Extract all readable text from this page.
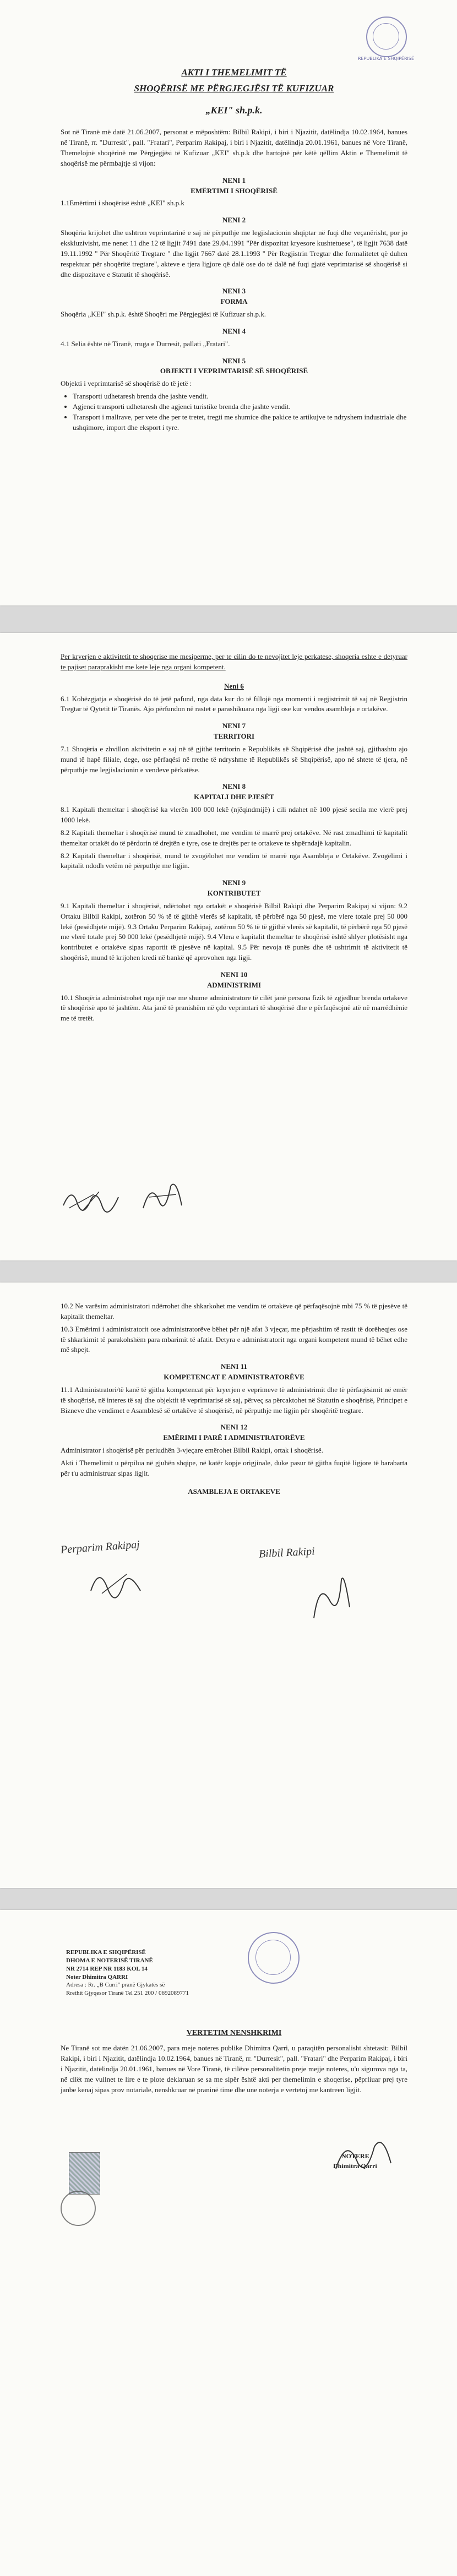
REPUBLIKA E SHQIPËRISË
AKTI I THEMELIMIT TË
SHOQËRISË ME PËRGJEGJËSI TË KUFIZUAR
„KEI" sh.p.k.

Sot në Tiranë më datë 21.06.2007, personat e mëposhtëm: Bilbil Rakipi, i biri i Njazitit, datëlindja 10.02.1964, banues në Tiranë, rr. "Durresit", pall. "Fratari", Perparim Rakipaj, i biri i Njazitit, datëlindja 20.01.1961, banues në Vore Tiranë, Themelojnë shoqërinë me Përgjegjësi të Kufizuar „KEI" sh.p.k dhe hartojnë për këtë qëllim Aktin e Themelimit të shoqërisë me përmbajtje si vijon:

NENI 1
EMËRTIMI I SHOQËRISË

1.1Emërtimi i shoqërisë është „KEI" sh.p.k

NENI 2

Shoqëria krijohet dhe ushtron veprimtarinë e saj në përputhje me legjislacionin shqiptar në fuqi dhe veçanërisht, por jo ekskluzivisht, me nenet 11 dhe 12 të ligjit 7491 date 29.04.1991 "Për dispozitat kryesore kushtetuese", të ligjit 7638 datë 19.11.1992 " Për Shoqëritë Tregtare " dhe ligjit 7667 datë 28.1.1993 " Për Regjistrin Tregtar dhe formalitetet që duhen respektuar për shoqëritë tregtare", akteve e tjera ligjore që dalë ose do të dalë në fuqi gjatë veprimtarisë së shoqërisë si dhe dispozitave e Statutit të shoqërisë.

NENI 3
FORMA

Shoqëria „KEI" sh.p.k. është Shoqëri me Përgjegjësi të Kufizuar sh.p.k.

NENI 4

4.1 Selia është në Tiranë, rruga e Durresit, pallati „Fratari".

NENI 5
OBJEKTI I VEPRIMTARISË SË SHOQËRISË

Objekti i veprimtarisë së shoqërisë do të jetë :

• Transporti udhetaresh brenda dhe jashte vendit.
• Agjenci transporti udhetaresh dhe agjenci turistike brenda dhe jashte vendit.
• Transport i mallrave, per vete dhe per te tretet, tregti me shumice dhe pakice te artikujve te ndryshem industriale dhe ushqimore, import dhe eksport i tyre.

Per kryerjen e aktivitetit te shoqerise me mesiperme, per te cilin do te nevojitet leje perkatese, shoqeria eshte e detyruar te pajiset paraprakisht me kete leje nga organi kompetent.

Neni 6

6.1 Kohëzgjatja e shoqërisë do të jetë pafund, nga data kur do të fillojë nga momenti i regjistrimit të saj në Regjistrin Tregtar të Qytetit të Tiranës. Ajo përfundon në rastet e parashikuara nga ligji ose kur vendos asambleja e ortakëve.

NENI 7
TERRITORI

7.1 Shoqëria e zhvillon aktivitetin e saj në të gjithë territorin e Republikës së Shqipërisë dhe jashtë saj, gjithashtu ajo mund të hapë filiale, dege, ose përfaqësi në rrethe të ndryshme të Republikës së Shqipërisë, apo në shtete të tjera, në përputhje me legjislacionin e vendeve përkatëse.

NENI 8
KAPITALI DHE PJESËT

8.1 Kapitali themeltar i shoqërisë ka vlerën 100 000 lekë (njëqindmijë) i cili ndahet në 100 pjesë secila me vlerë prej 1000 lekë.

8.2 Kapitali themeltar i shoqërisë mund të zmadhohet, me vendim të marrë prej ortakëve. Në rast zmadhimi të kapitalit themeltar ortakët do të përdorin të drejtën e tyre, ose te drejtës per te ortakeve te shpërndajë kapitalin.

8.2 Kapitali themeltar i shoqërisë, mund të zvogëlohet me vendim të marrë nga Asambleja e Ortakëve. Zvogëlimi i kapitalit ndodh vetëm në përputhje me ligjin.

NENI 9
KONTRIBUTET

9.1 Kapitali themeltar i shoqërisë, ndërtohet nga ortakët e shoqërisë Bilbil Rakipi dhe Perparim Rakipaj si vijon: 9.2 Ortaku Bilbil Rakipi, zotëron 50 % të të gjithë vlerës së kapitalit, të përbërë nga 50 pjesë, me vlere totale prej 50 000 lekë (pesëdhjetë mijë). 9.3 Ortaku Perparim Rakipaj, zotëron 50 % të të gjithë vlerës së kapitalit, të përbërë nga 50 pjesë me vlerë totale prej 50 000 lekë (pesëdhjetë mijë). 9.4 Vlera e kapitalit themeltar te shoqërisë është shlyer plotësisht nga kontributet e ortakëve sipas raportit të pjesëve në kapital. 9.5 Për nevoja të punës dhe të ushtrimit të aktivitetit të shoqërisë, mund të krijohen kredi në bankë që aprovohen nga ligji.

NENI 10
ADMINISTRIMI

10.1 Shoqëria administrohet nga një ose me shume administratore të cilët janë persona fizik të zgjedhur brenda ortakeve të shoqërisë apo të jashtëm. Ata janë të pranishëm në çdo veprimtari të shoqërisë dhe e përfaqësojnë atë në marrëdhënie me të tretët.

10.2 Ne varësim administratori ndërrohet dhe shkarkohet me vendim të ortakëve që përfaqësojnë mbi 75 % të pjesëve të kapitalit themeltar.

10.3 Emërimi i administratorit ose administratorëve bëhet për një afat 3 vjeçar, me përjashtim të rastit të dorëheqjes ose të shkarkimit të parakohshëm para mbarimit të afatit. Detyra e administratorit nga organi kompetent mund të bëhet edhe më shpejt.

NENI 11
KOMPETENCAT E ADMINISTRATORËVE

11.1 Administratori/të kanë të gjitha kompetencat për kryerjen e veprimeve të administrimit dhe të përfaqësimit në emër të shoqërisë, në interes të saj dhe objektit të veprimtarisë së saj, përveç sa përcaktohet në Statutin e shoqërisë, Principet e Bizneve dhe vendimet e Asamblesë së ortakëve të shoqërisë, në përputhje me ligjin për shoqëritë tregtare.

NENI 12
EMËRIMI I PARË I ADMINISTRATORËVE

Administrator i shoqërisë për periudhën 3-vjeçare emërohet Bilbil Rakipi, ortak i shoqërisë.

Akti i Themelimit u përpilua në gjuhën shqipe, në katër kopje origjinale, duke pasur të gjitha fuqitë ligjore të barabarta për t'u administruar sipas ligjit.

ASAMBLEJA E ORTAKEVE
Perparim Rakipaj	Bilbil Rakipi
REPUBLIKA E SHQIPËRISË
DHOMA E NOTERISË TIRANË
NR 2714 REP NR 1183 KOL 14
Noter Dhimitra QARRI
Adresa : Rr. „B Curri" pranë Gjykatës së
Rrethit Gjyqesor Tiranë Tel 251 200 / 0692089771
VERTETIM NENSHKRIMI

Ne Tiranë sot me datën 21.06.2007, para meje noteres publike Dhimitra Qarri, u paraqitën personalisht shtetasit: Bilbil Rakipi, i biri i Njazitit, datëlindja 10.02.1964, banues në Tiranë, rr. "Durresit", pall. "Fratari" dhe Perparim Rakipaj, i biri i Njazitit, datëlindja 20.01.1961, banues në Vore Tiranë, të cilëve personalitetin preje mejje noteres, u'u sigurova nga ta, në cilët me vullnet te lire e te plote deklaruan se sa me sipër është akti per themelimin e shoqerise, pëprliuar prej tyre janbe kenaj sipas prov notariale, nenshkruar në praninë time dhe une noterja e vertetoj me kantreen ligjit.

NOTERE
Dhimitra Qarri
